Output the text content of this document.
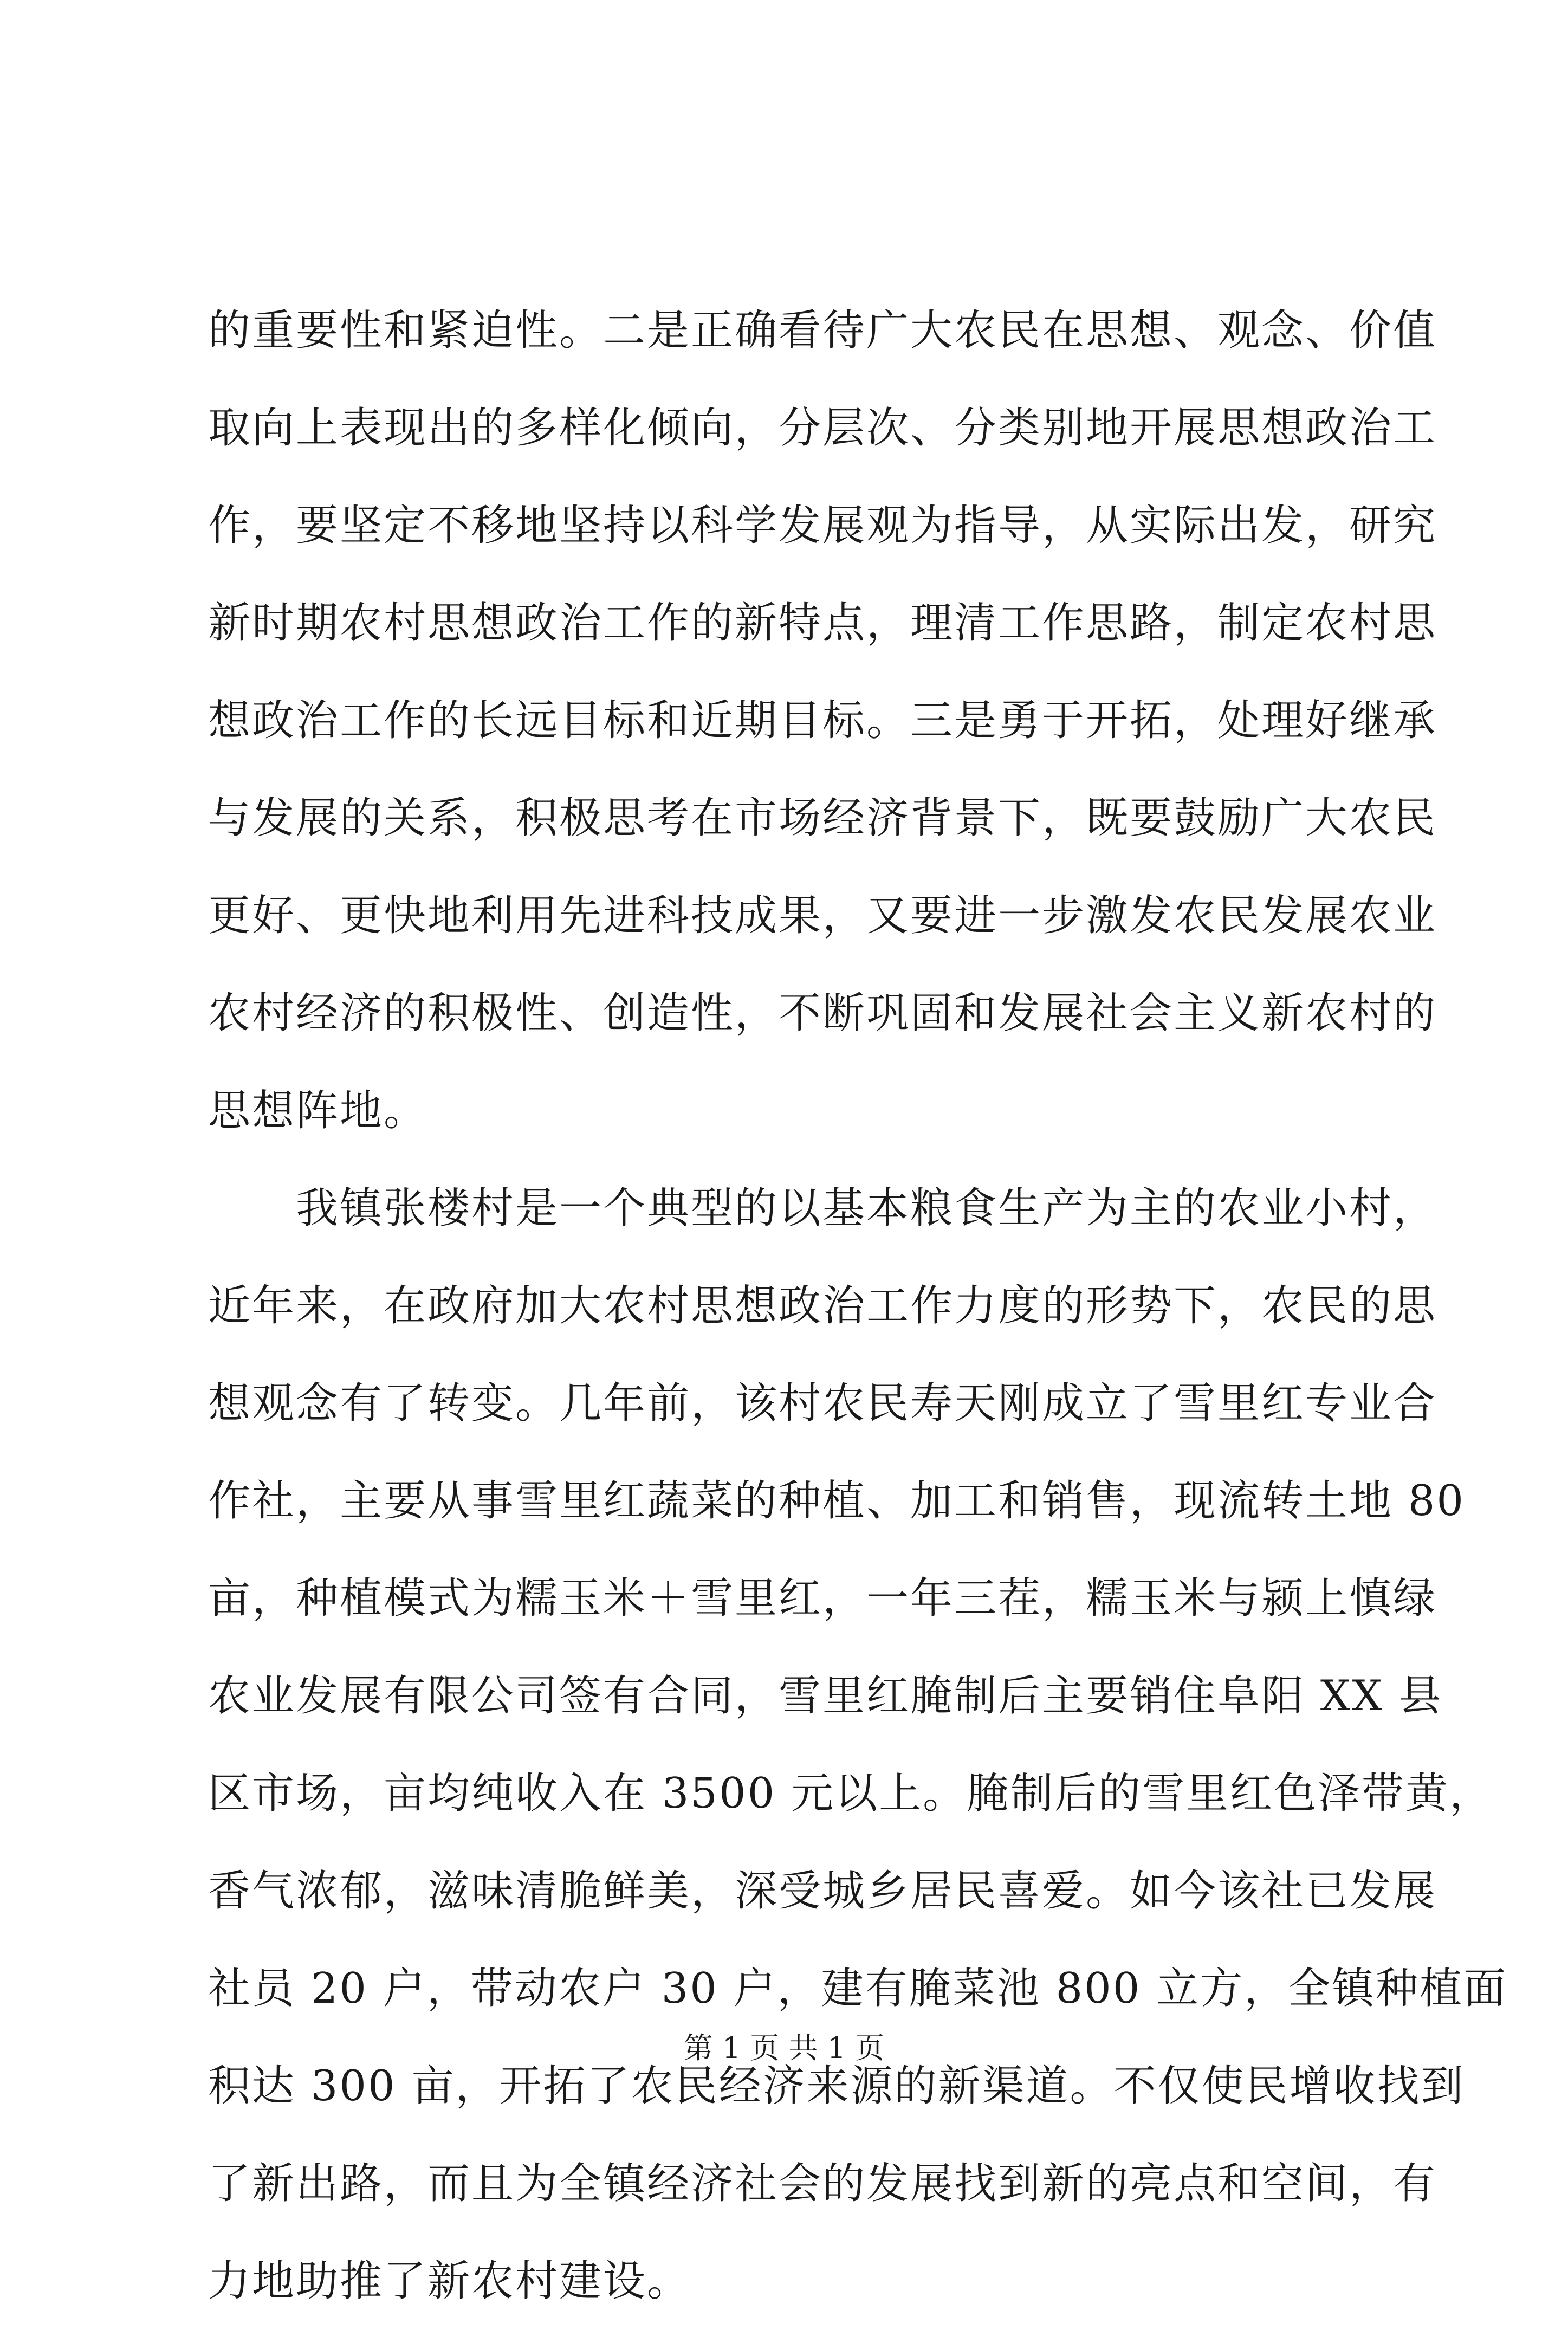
的重要性和紧迫性。二是正确看待广大农民在思想、观念、价值
取向上表现出的多样化倾向，分层次、分类别地开展思想政治工
作，要坚定不移地坚持以科学发展观为指导，从实际出发，研究
新时期农村思想政治工作的新特点，理清工作思路，制定农村思
想政治工作的长远目标和近期目标。三是勇于开拓，处理好继承
与发展的关系，积极思考在市场经济背景下，既要鼓励广大农民
更好、更快地利用先进科技成果，又要进一步激发农民发展农业
农村经济的积极性、创造性，不断巩固和发展社会主义新农村的
思想阵地。
我镇张楼村是一个典型的以基本粮食生产为主的农业小村，
近年来，在政府加大农村思想政治工作力度的形势下，农民的思
想观念有了转变。几年前，该村农民寿天刚成立了雪里红专业合
作社，主要从事雪里红蔬菜的种植、加工和销售，现流转土地 80
亩，种植模式为糯玉米＋雪里红，一年三茬，糯玉米与颍上慎绿
农业发展有限公司签有合同，雪里红腌制后主要销住阜阳 XX 县
区市场，亩均纯收入在 3500 元以上。腌制后的雪里红色泽带黄，
香气浓郁，滋味清脆鲜美，深受城乡居民喜爱。如今该社已发展
社员 20 户，带动农户 30 户，建有腌菜池 800 立方，全镇种植面
积达 300 亩，开拓了农民经济来源的新渠道。不仅使民增收找到
了新出路，而且为全镇经济社会的发展找到新的亮点和空间，有
力地助推了新农村建设。
第 1 页 共 1 页
